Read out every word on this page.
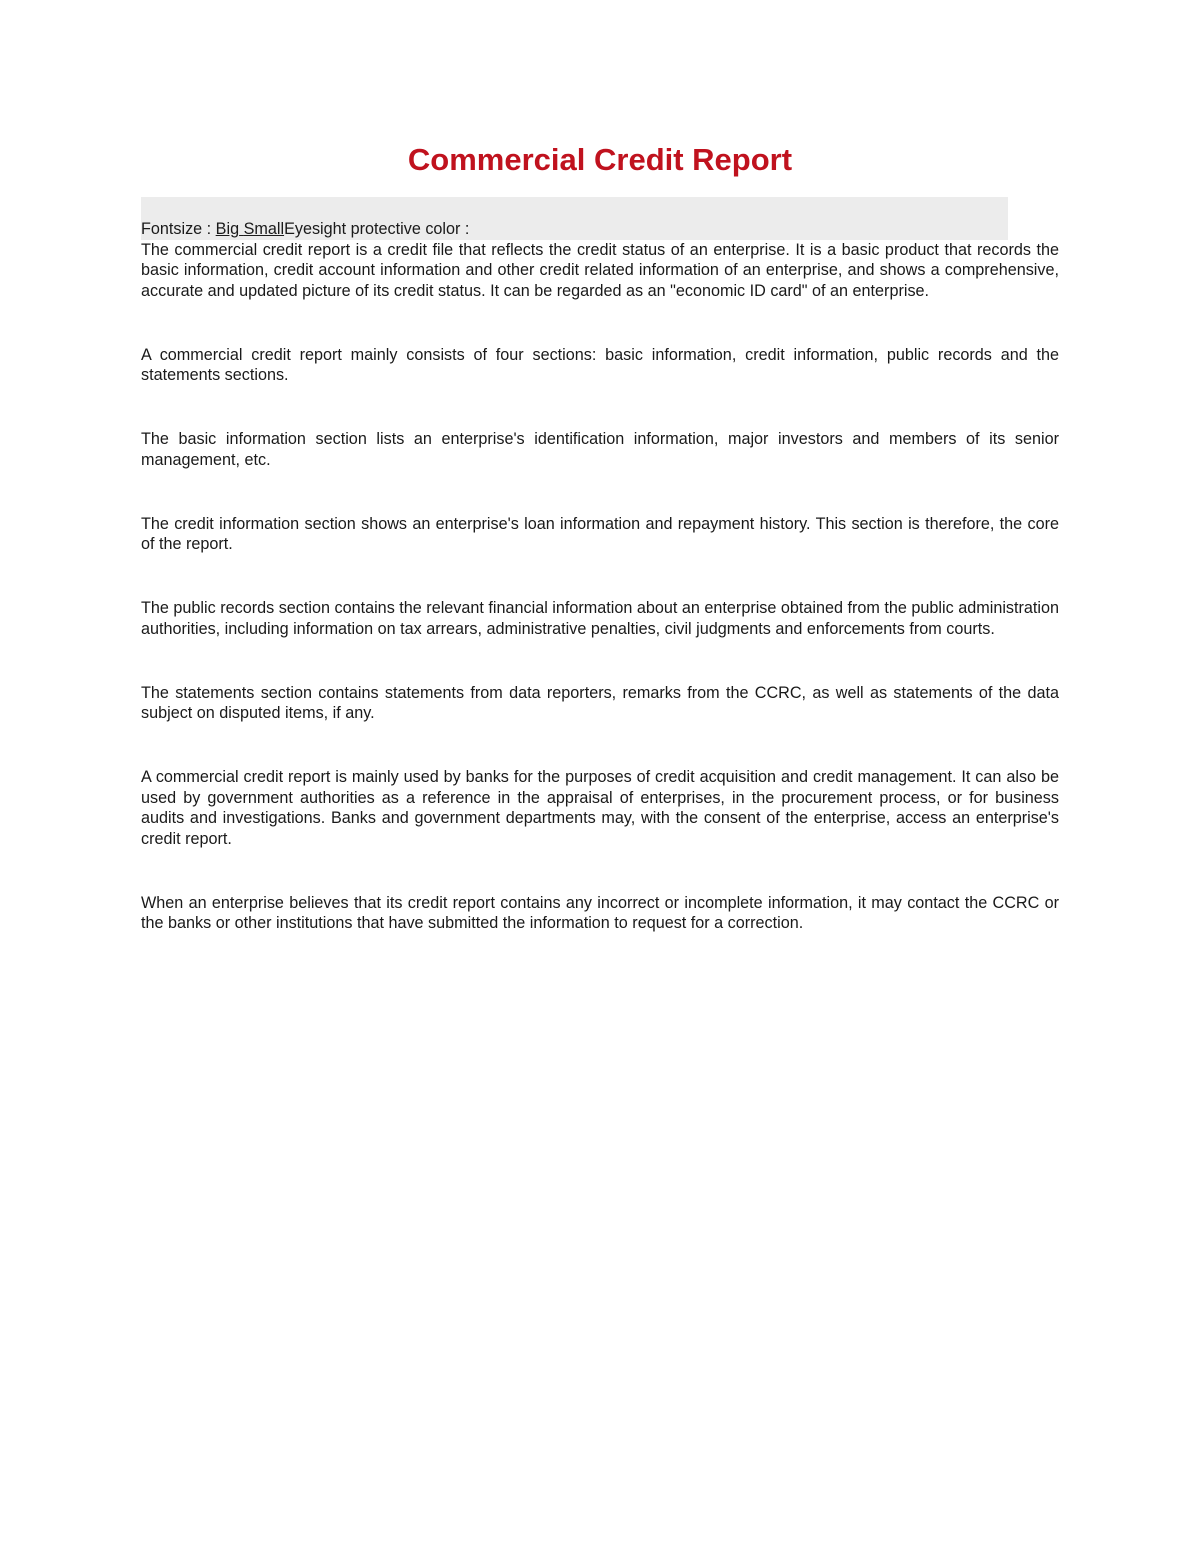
Commercial Credit Report
Fontsize : Big SmallEyesight protective color :

The commercial credit report is a credit file that reflects the credit status of an enterprise. It is a basic product that records the basic information, credit account information and other credit related information of an enterprise, and shows a comprehensive, accurate and updated picture of its credit status. It can be regarded as an "economic ID card" of an enterprise.

A commercial credit report mainly consists of four sections: basic information, credit information, public records and the statements sections.

The basic information section lists an enterprise's identification information, major investors and members of its senior management, etc.

The credit information section shows an enterprise's loan information and repayment history. This section is therefore, the core of the report.

The public records section contains the relevant financial information about an enterprise obtained from the public administration authorities, including information on tax arrears, administrative penalties, civil judgments and enforcements from courts.

The statements section contains statements from data reporters, remarks from the CCRC, as well as statements of the data subject on disputed items, if any.

A commercial credit report is mainly used by banks for the purposes of credit acquisition and credit management. It can also be used by government authorities as a reference in the appraisal of enterprises, in the procurement process, or for business audits and investigations. Banks and government departments may, with the consent of the enterprise, access an enterprise's credit report.

When an enterprise believes that its credit report contains any incorrect or incomplete information, it may contact the CCRC or the banks or other institutions that have submitted the information to request for a correction.
